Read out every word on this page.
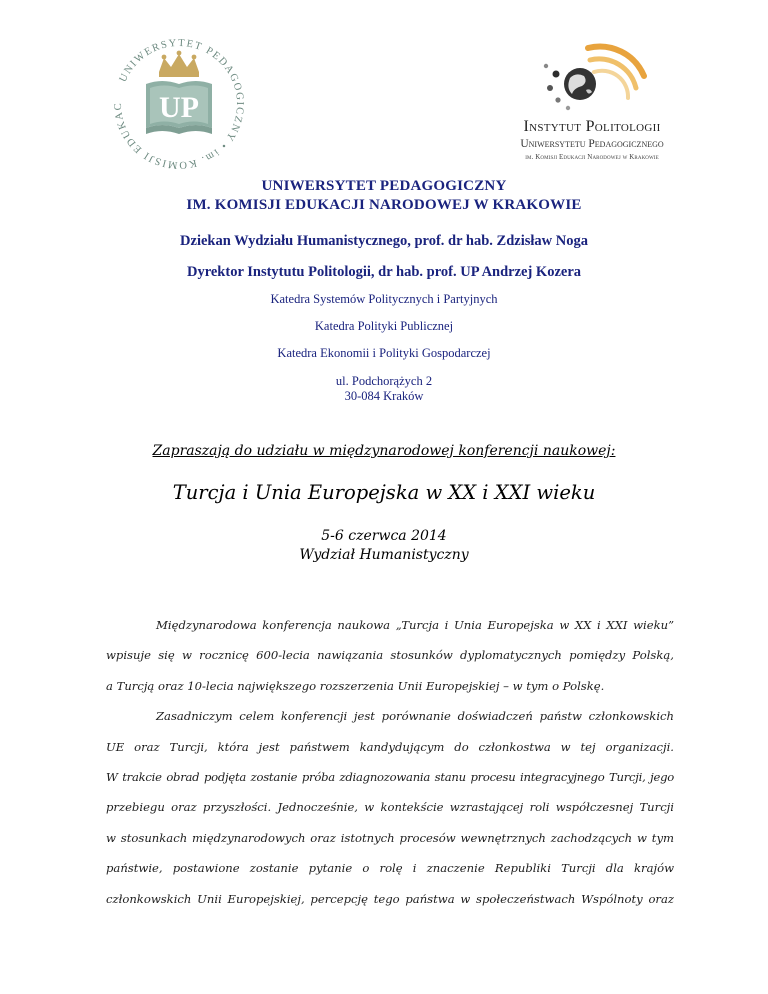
UNIWERSYTET PEDAGOGICZNY • im. KOMISJI EDUKAC	UP
Instytut Politologii
Uniwersytetu Pedagogicznego
im. Komisji Edukacji Narodowej w Krakowie
UNIWERSYTET PEDAGOGICZNY
IM. KOMISJI EDUKACJI NARODOWEJ W KRAKOWIE
Dziekan Wydziału Humanistycznego, prof. dr hab. Zdzisław Noga
Dyrektor Instytutu Politologii, dr hab. prof. UP Andrzej Kozera
Katedra Systemów Politycznych i Partyjnych
Katedra Polityki Publicznej
Katedra Ekonomii i Polityki Gospodarczej
ul. Podchorążych 2
30-084 Kraków
Zapraszają do udziału w międzynarodowej konferencji naukowej:
Turcja i Unia Europejska w XX i XXI wieku
5-6 czerwca 2014
Wydział Humanistyczny

Międzynarodowa konferencja naukowa „Turcja i Unia Europejska w XX i XXI wieku”

wpisuje się w rocznicę 600-lecia nawiązania stosunków dyplomatycznych pomiędzy Polską,

a Turcją oraz 10-lecia największego rozszerzenia Unii Europejskiej – w tym o Polskę.

Zasadniczym celem konferencji jest porównanie doświadczeń państw członkowskich

UE oraz Turcji, która jest państwem kandydującym do członkostwa w tej organizacji.

W trakcie obrad podjęta zostanie próba zdiagnozowania stanu procesu integracyjnego Turcji, jego

przebiegu oraz przyszłości. Jednocześnie, w kontekście wzrastającej roli współczesnej Turcji

w stosunkach międzynarodowych oraz istotnych procesów wewnętrznych zachodzących w tym

państwie, postawione zostanie pytanie o rolę i znaczenie Republiki Turcji dla krajów

członkowskich Unii Europejskiej, percepcję tego państwa w społeczeństwach Wspólnoty oraz
